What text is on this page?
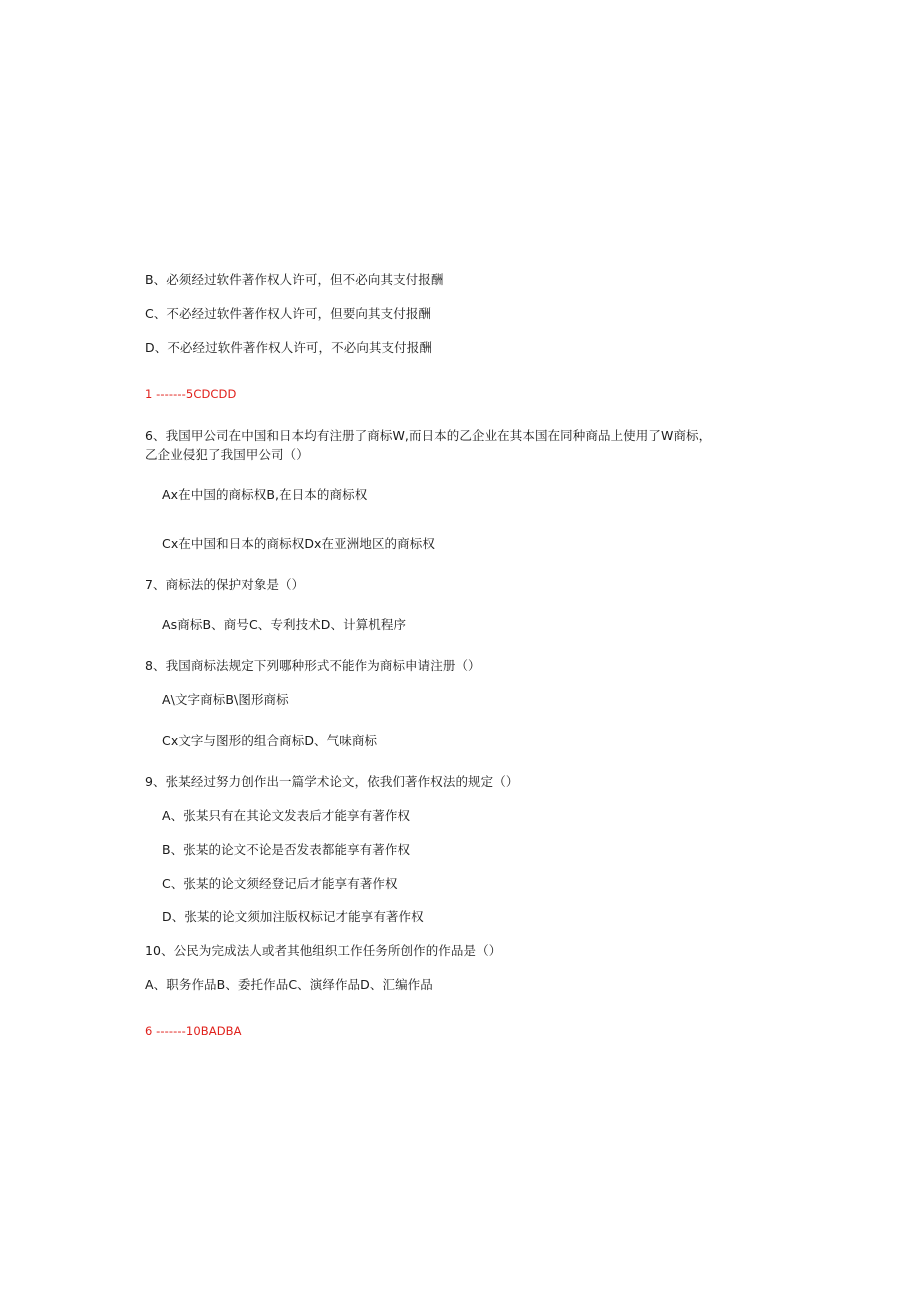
B、必须经过软件著作权人许可，但不必向其支付报酬
C、不必经过软件著作权人许可，但要向其支付报酬
D、不必经过软件著作权人许可，不必向其支付报酬
1 -------5CDCDD
6、我国甲公司在中国和日本均有注册了商标W,而日本的乙企业在其本国在同种商品上使用了W商标，
乙企业侵犯了我国甲公司（）
Ax在中国的商标权B,在日本的商标权
Cx在中国和日本的商标权Dx在亚洲地区的商标权
7、商标法的保护对象是（）
As商标B、商号C、专利技术D、计算机程序
8、我国商标法规定下列哪种形式不能作为商标申请注册（）
A\文字商标B\图形商标
Cx文字与图形的组合商标D、气味商标
9、张某经过努力创作出一篇学术论文，依我们著作权法的规定（）
A、张某只有在其论文发表后才能享有著作权
B、张某的论文不论是否发表都能享有著作权
C、张某的论文须经登记后才能享有著作权
D、张某的论文须加注版权标记才能享有著作权
10、公民为完成法人或者其他组织工作任务所创作的作品是（）
A、职务作品B、委托作品C、演绎作品D、汇编作品
6 -------10BADBA
